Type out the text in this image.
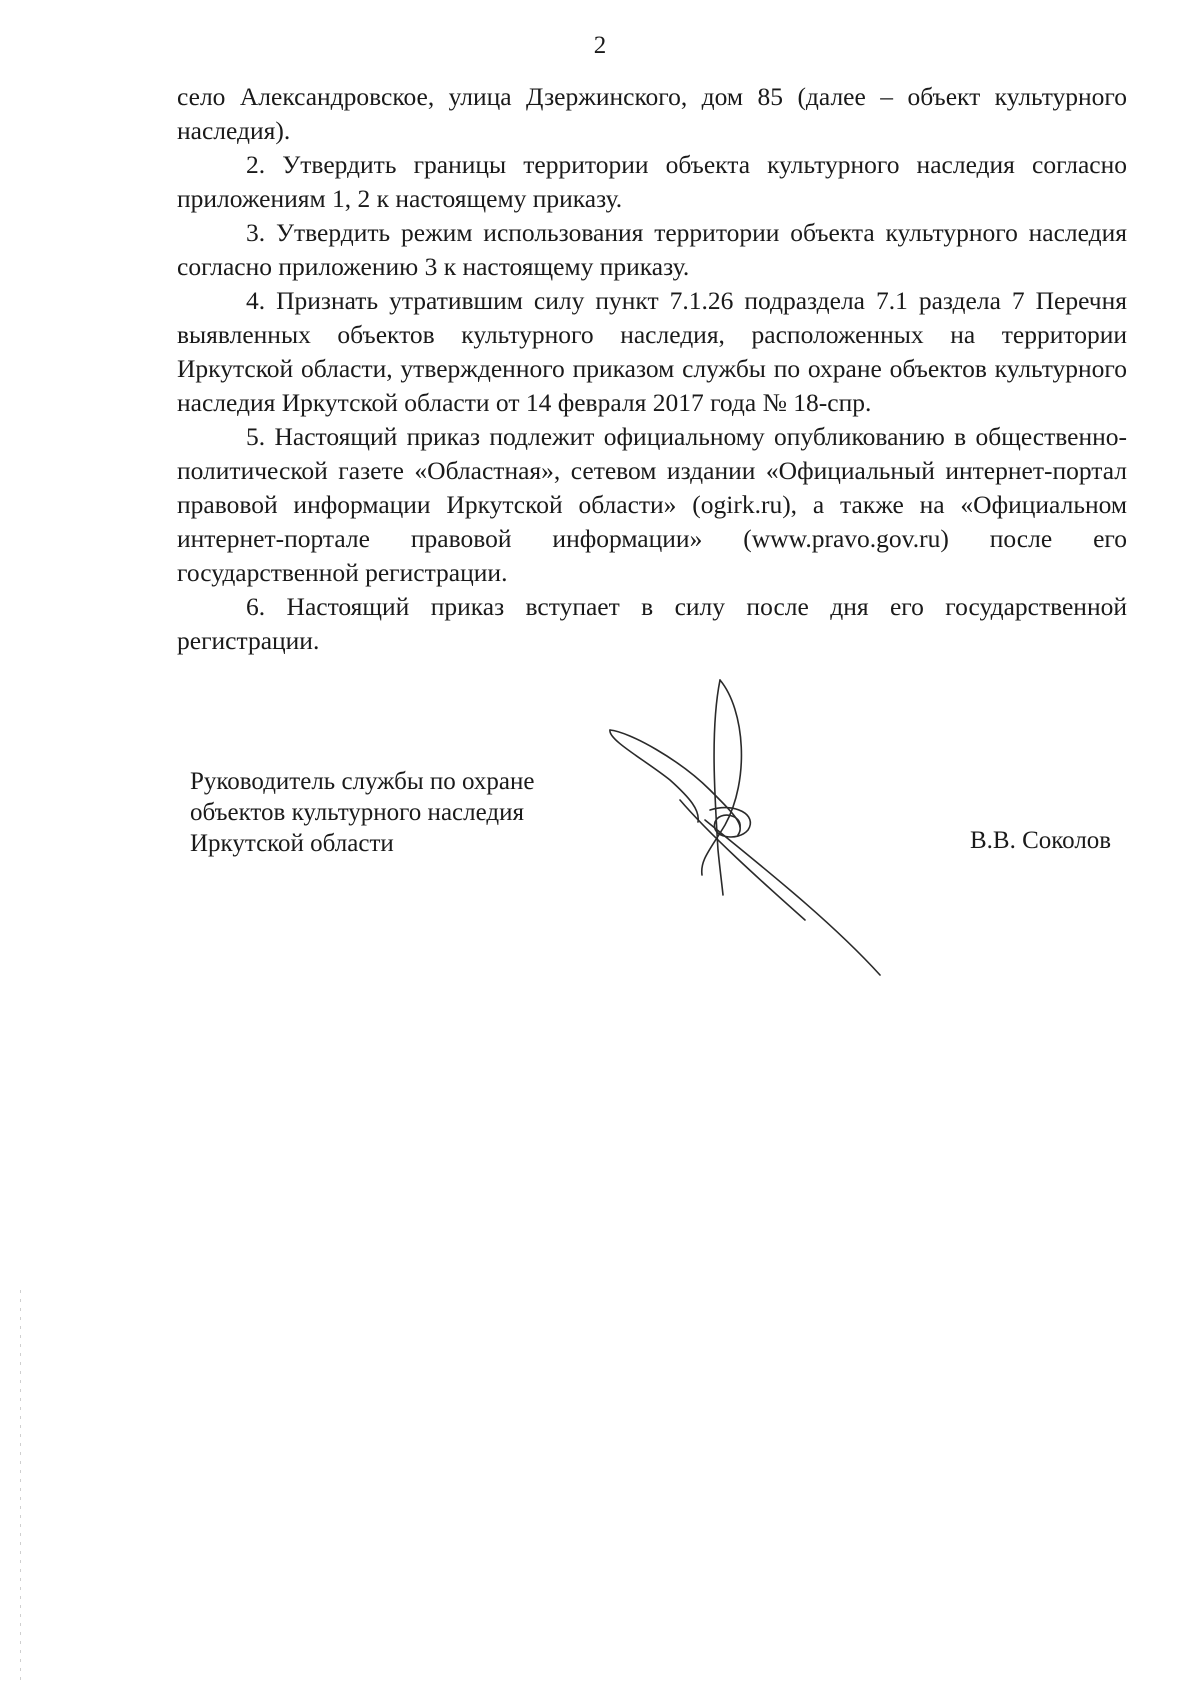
2

село Александровское, улица Дзержинского, дом 85 (далее – объект культурного наследия).

2. Утвердить границы территории объекта культурного наследия согласно приложениям 1, 2 к настоящему приказу.

3. Утвердить режим использования территории объекта культурного наследия согласно приложению 3 к настоящему приказу.

4. Признать утратившим силу пункт 7.1.26 подраздела 7.1 раздела 7 Перечня выявленных объектов культурного наследия, расположенных на территории Иркутской области, утвержденного приказом службы по охране объектов культурного наследия Иркутской области от 14 февраля 2017 года № 18-спр.

5. Настоящий приказ подлежит официальному опубликованию в общественно-политической газете «Областная», сетевом издании «Официальный интернет-портал правовой информации Иркутской области» (ogirk.ru), а также на «Официальном интернет-портале правовой информации» (www.pravo.gov.ru) после его государственной регистрации.

6. Настоящий приказ вступает в силу после дня его государственной регистрации.

Руководитель службы по охране
объектов культурного наследия
Иркутской области	В.В. Соколов
